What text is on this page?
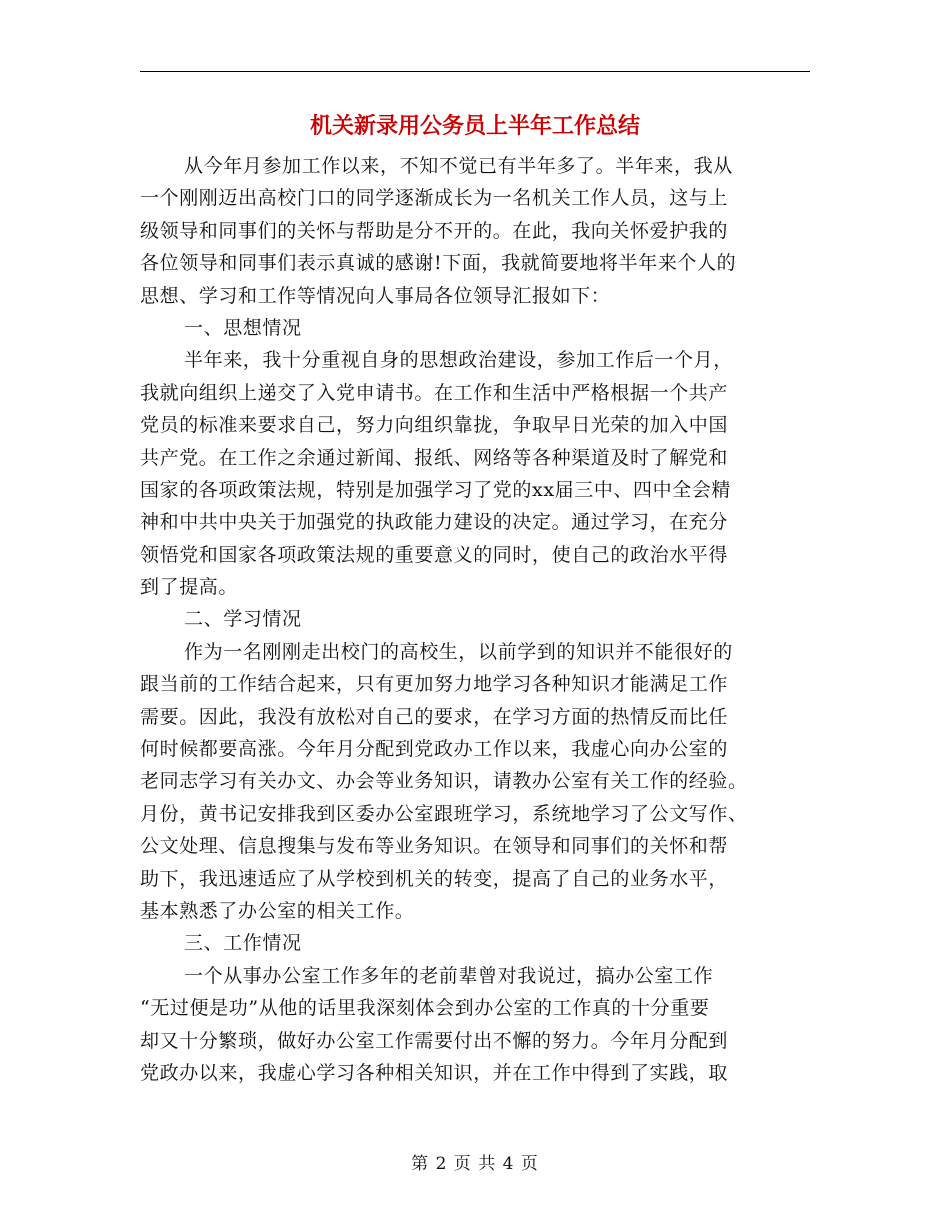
机关新录用公务员上半年工作总结
从今年月参加工作以来，不知不觉已有半年多了。半年来，我从
一个刚刚迈出高校门口的同学逐渐成长为一名机关工作人员，这与上
级领导和同事们的关怀与帮助是分不开的。在此，我向关怀爱护我的
各位领导和同事们表示真诚的感谢!下面，我就简要地将半年来个人的
思想、学习和工作等情况向人事局各位领导汇报如下：
一、思想情况
半年来，我十分重视自身的思想政治建设，参加工作后一个月，
我就向组织上递交了入党申请书。在工作和生活中严格根据一个共产
党员的标准来要求自己，努力向组织靠拢，争取早日光荣的加入中国
共产党。在工作之余通过新闻、报纸、网络等各种渠道及时了解党和
国家的各项政策法规，特别是加强学习了党的xx届三中、四中全会精
神和中共中央关于加强党的执政能力建设的决定。通过学习，在充分
领悟党和国家各项政策法规的重要意义的同时，使自己的政治水平得
到了提高。
二、学习情况
作为一名刚刚走出校门的高校生，以前学到的知识并不能很好的
跟当前的工作结合起来，只有更加努力地学习各种知识才能满足工作
需要。因此，我没有放松对自己的要求，在学习方面的热情反而比任
何时候都要高涨。今年月分配到党政办工作以来，我虚心向办公室的
老同志学习有关办文、办会等业务知识，请教办公室有关工作的经验。
月份，黄书记安排我到区委办公室跟班学习，系统地学习了公文写作、
公文处理、信息搜集与发布等业务知识。在领导和同事们的关怀和帮
助下，我迅速适应了从学校到机关的转变，提高了自己的业务水平，
基本熟悉了办公室的相关工作。
三、工作情况
一个从事办公室工作多年的老前辈曾对我说过，搞办公室工作
“无过便是功”从他的话里我深刻体会到办公室的工作真的十分重要
却又十分繁琐，做好办公室工作需要付出不懈的努力。今年月分配到
党政办以来，我虚心学习各种相关知识，并在工作中得到了实践，取
第 2 页 共 4 页
